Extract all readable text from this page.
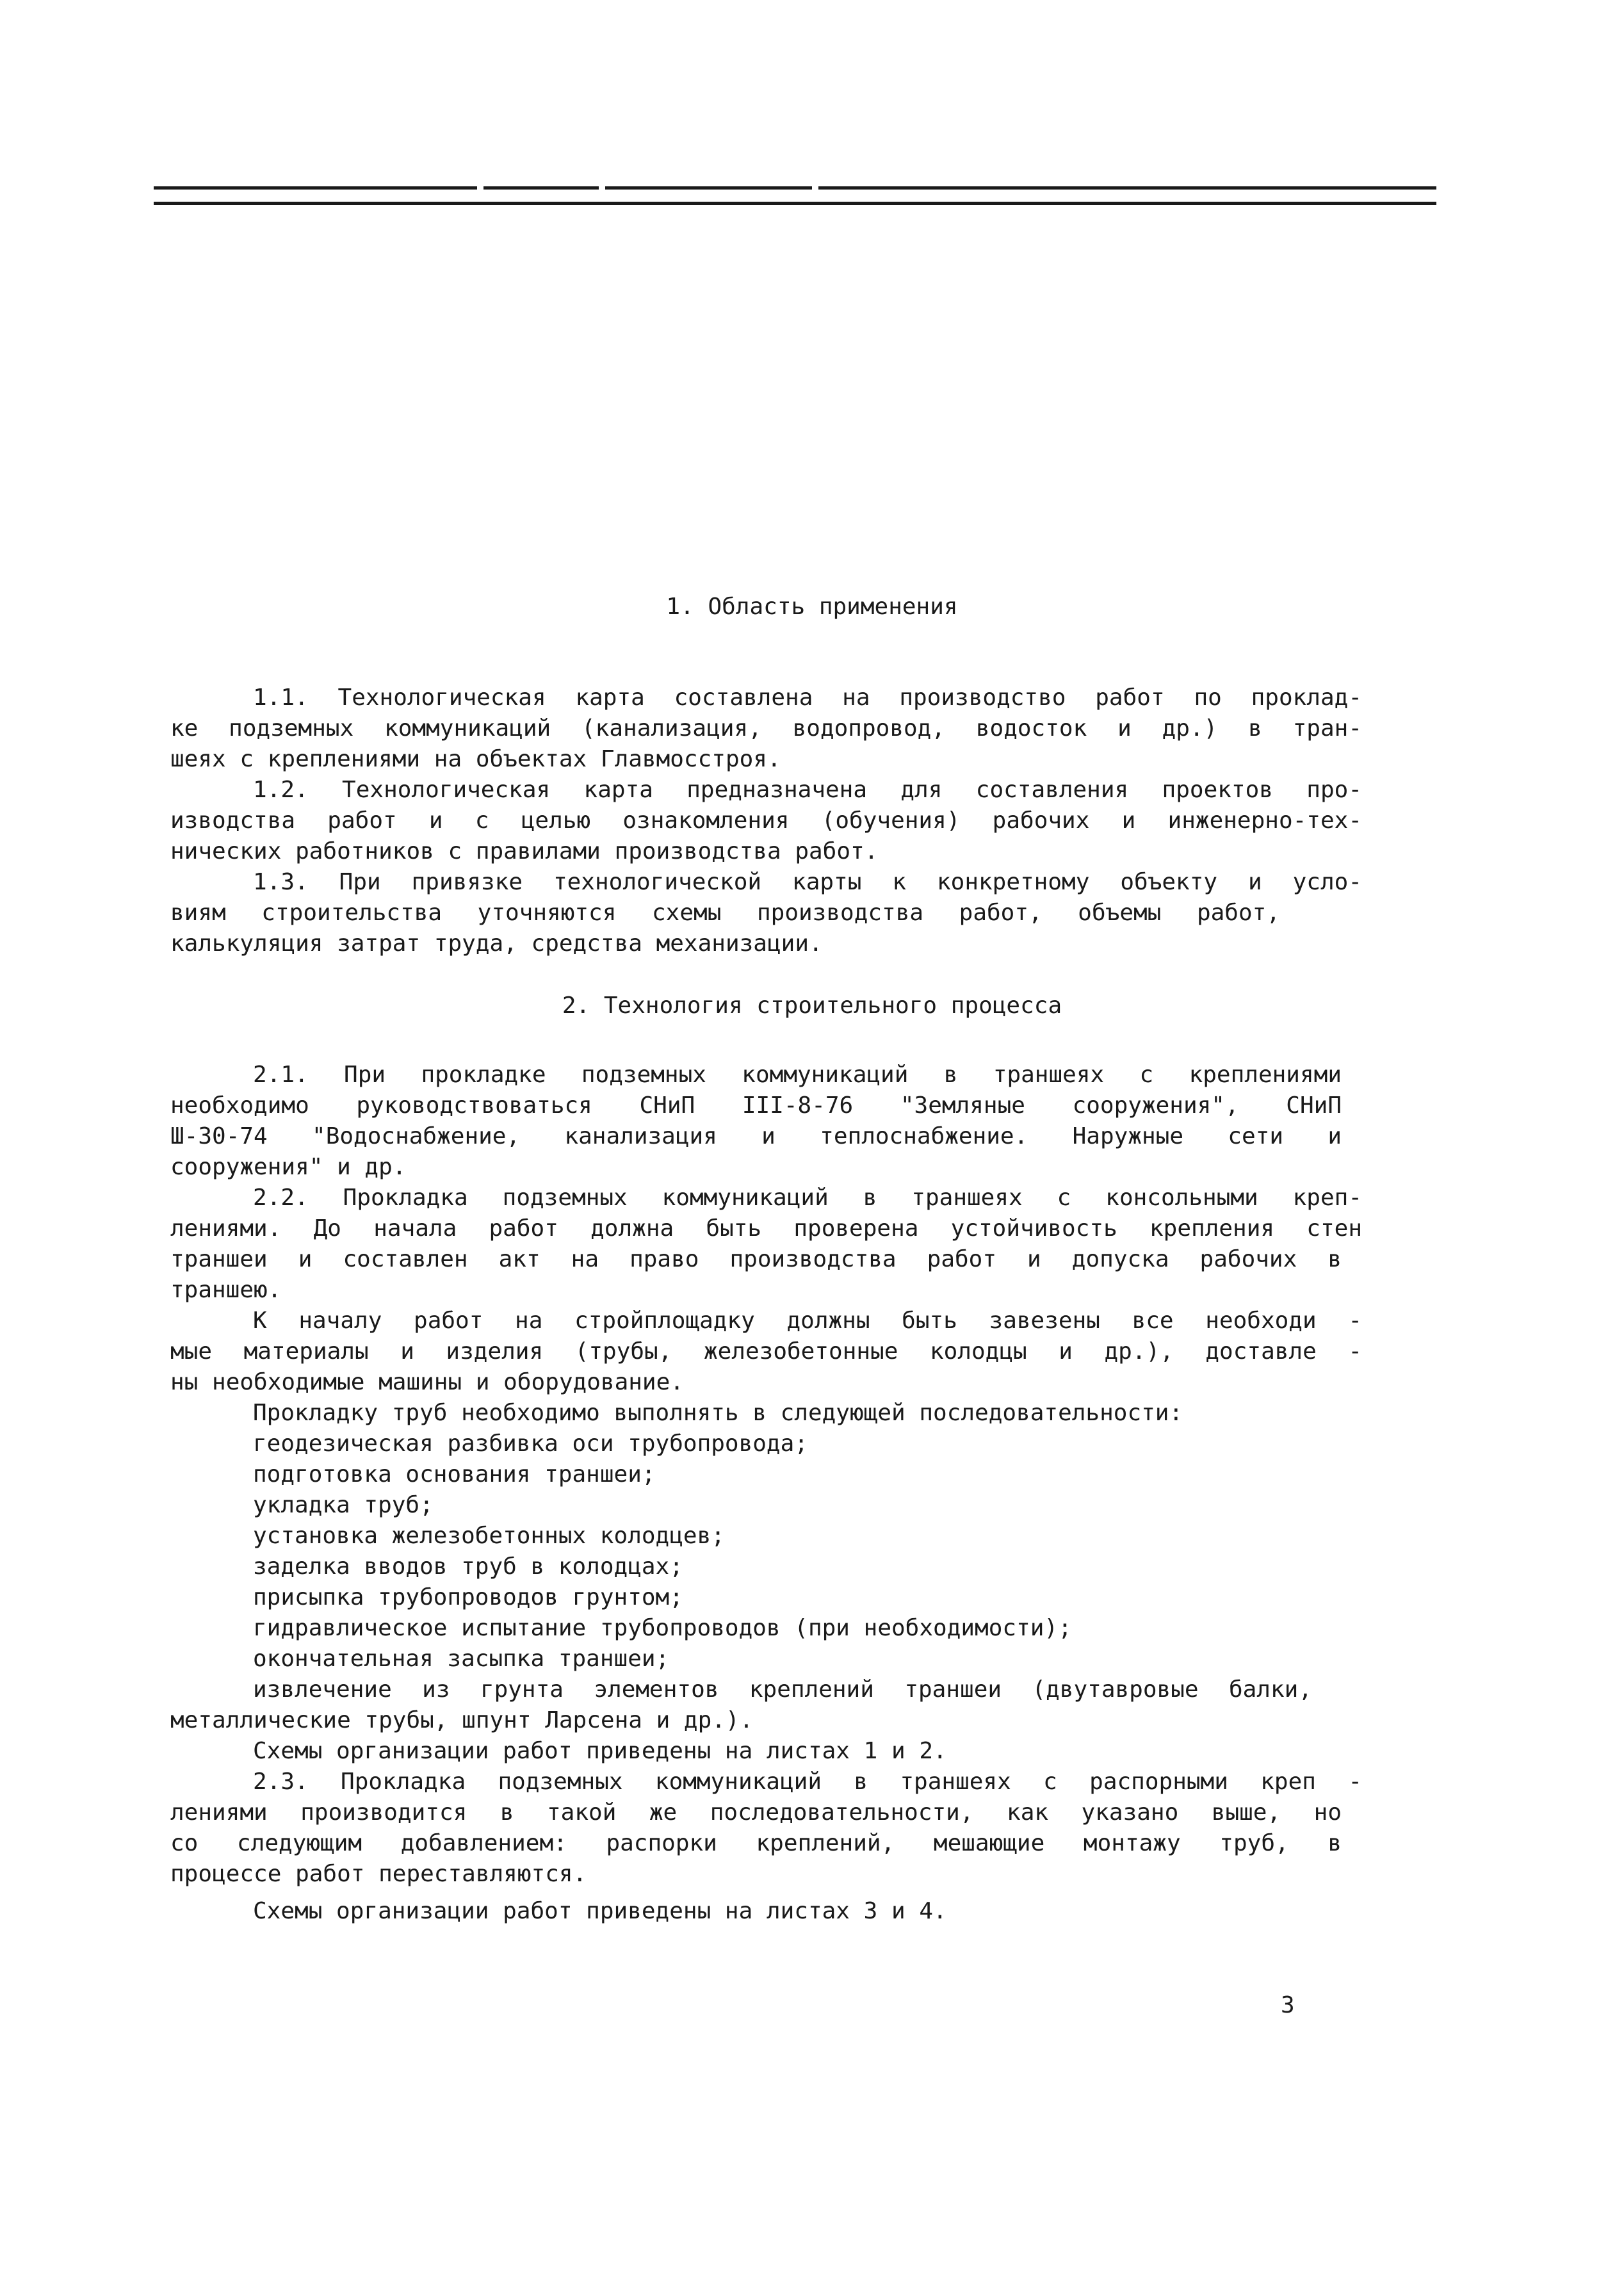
1. Область применения
1.1. Технологическая карта составлена на производство работ по проклад-
ке подземных коммуникаций (канализация, водопровод, водосток и др.) в тран-
шеях с креплениями на объектах Главмосстроя.
1.2. Технологическая карта предназначена для составления проектов про-
изводства работ и с целью ознакомления (обучения) рабочих и инженерно-тех-
нических работников с правилами производства работ.
1.3. При привязке технологической карты к конкретному объекту и усло-
виям строительства уточняются схемы производства работ, объемы работ,
калькуляция затрат труда, средства механизации.
2. Технология строительного процесса
2.1. При прокладке подземных коммуникаций в траншеях с креплениями
необходимо руководствоваться СНиП III-8-76 "Земляные сооружения", СНиП
Ш-30-74 "Водоснабжение, канализация и теплоснабжение. Наружные сети и
сооружения" и др.
2.2. Прокладка подземных коммуникаций в траншеях с консольными креп-
лениями. До начала работ должна быть проверена устойчивость крепления стен
траншеи и составлен акт на право производства работ и допуска рабочих в
траншею.
К началу работ на стройплощадку должны быть завезены все необходи -
мые материалы и изделия (трубы, железобетонные колодцы и др.), доставле -
ны необходимые машины и оборудование.
Прокладку труб необходимо выполнять в следующей последовательности:
геодезическая разбивка оси трубопровода;
подготовка основания траншеи;
укладка труб;
установка железобетонных колодцев;
заделка вводов труб в колодцах;
присыпка трубопроводов грунтом;
гидравлическое испытание трубопроводов (при необходимости);
окончательная засыпка траншеи;
извлечение из грунта элементов креплений траншеи (двутавровые балки,
металлические трубы, шпунт Ларсена и др.).
Схемы организации работ приведены на листах 1 и 2.
2.3. Прокладка подземных коммуникаций в траншеях с распорными креп -
лениями производится в такой же последовательности, как указано выше, но
со следующим добавлением: распорки креплений, мешающие монтажу труб, в
процессе работ переставляются.
Схемы организации работ приведены на листах 3 и 4.
3
